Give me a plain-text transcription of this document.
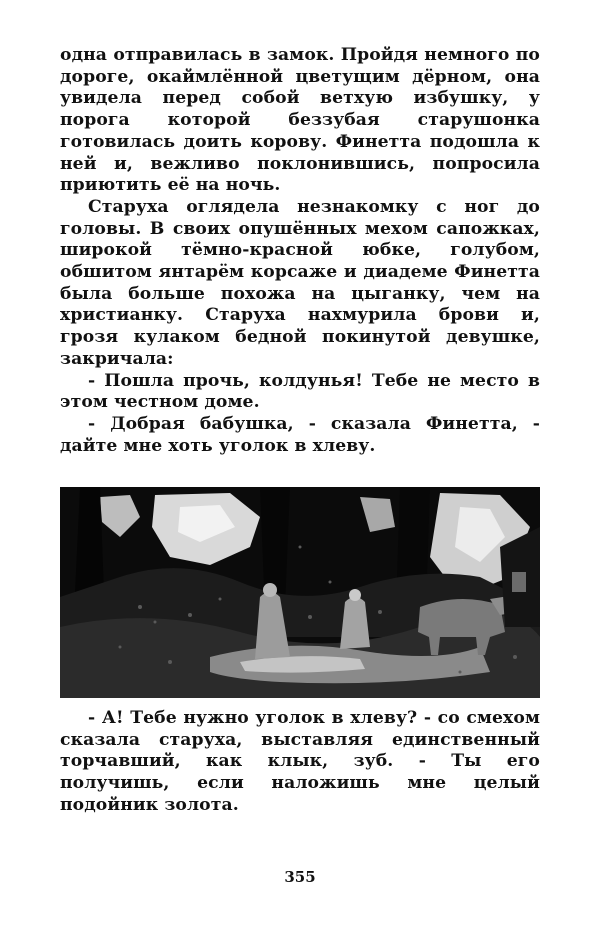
одна отправилась в замок. Пройдя немного по дороге, окаймлённой цветущим дёрном, она увидела перед собой ветхую избушку, у порога которой беззубая старушонка готовилась доить корову. Финетта подошла к ней и, вежливо поклонившись, попросила приютить её на ночь.

Старуха оглядела незнакомку с ног до головы. В своих опушённых мехом сапожках, широкой тёмно-красной юбке, голубом, обшитом янтарём корсаже и диадеме Финетта была больше похожа на цыганку, чем на христианку. Старуха нахмурила брови и, грозя кулаком бедной покинутой девушке, закричала:

- Пошла прочь, колдунья! Тебе не место в этом честном доме.

- Добрая бабушка, - сказала Финетта, - дайте мне хоть уголок в хлеву.

- А! Тебе нужно уголок в хлеву? - со смехом сказала старуха, выставляя единственный торчавший, как клык, зуб. - Ты его получишь, если наложишь мне целый подойник золота.

355
